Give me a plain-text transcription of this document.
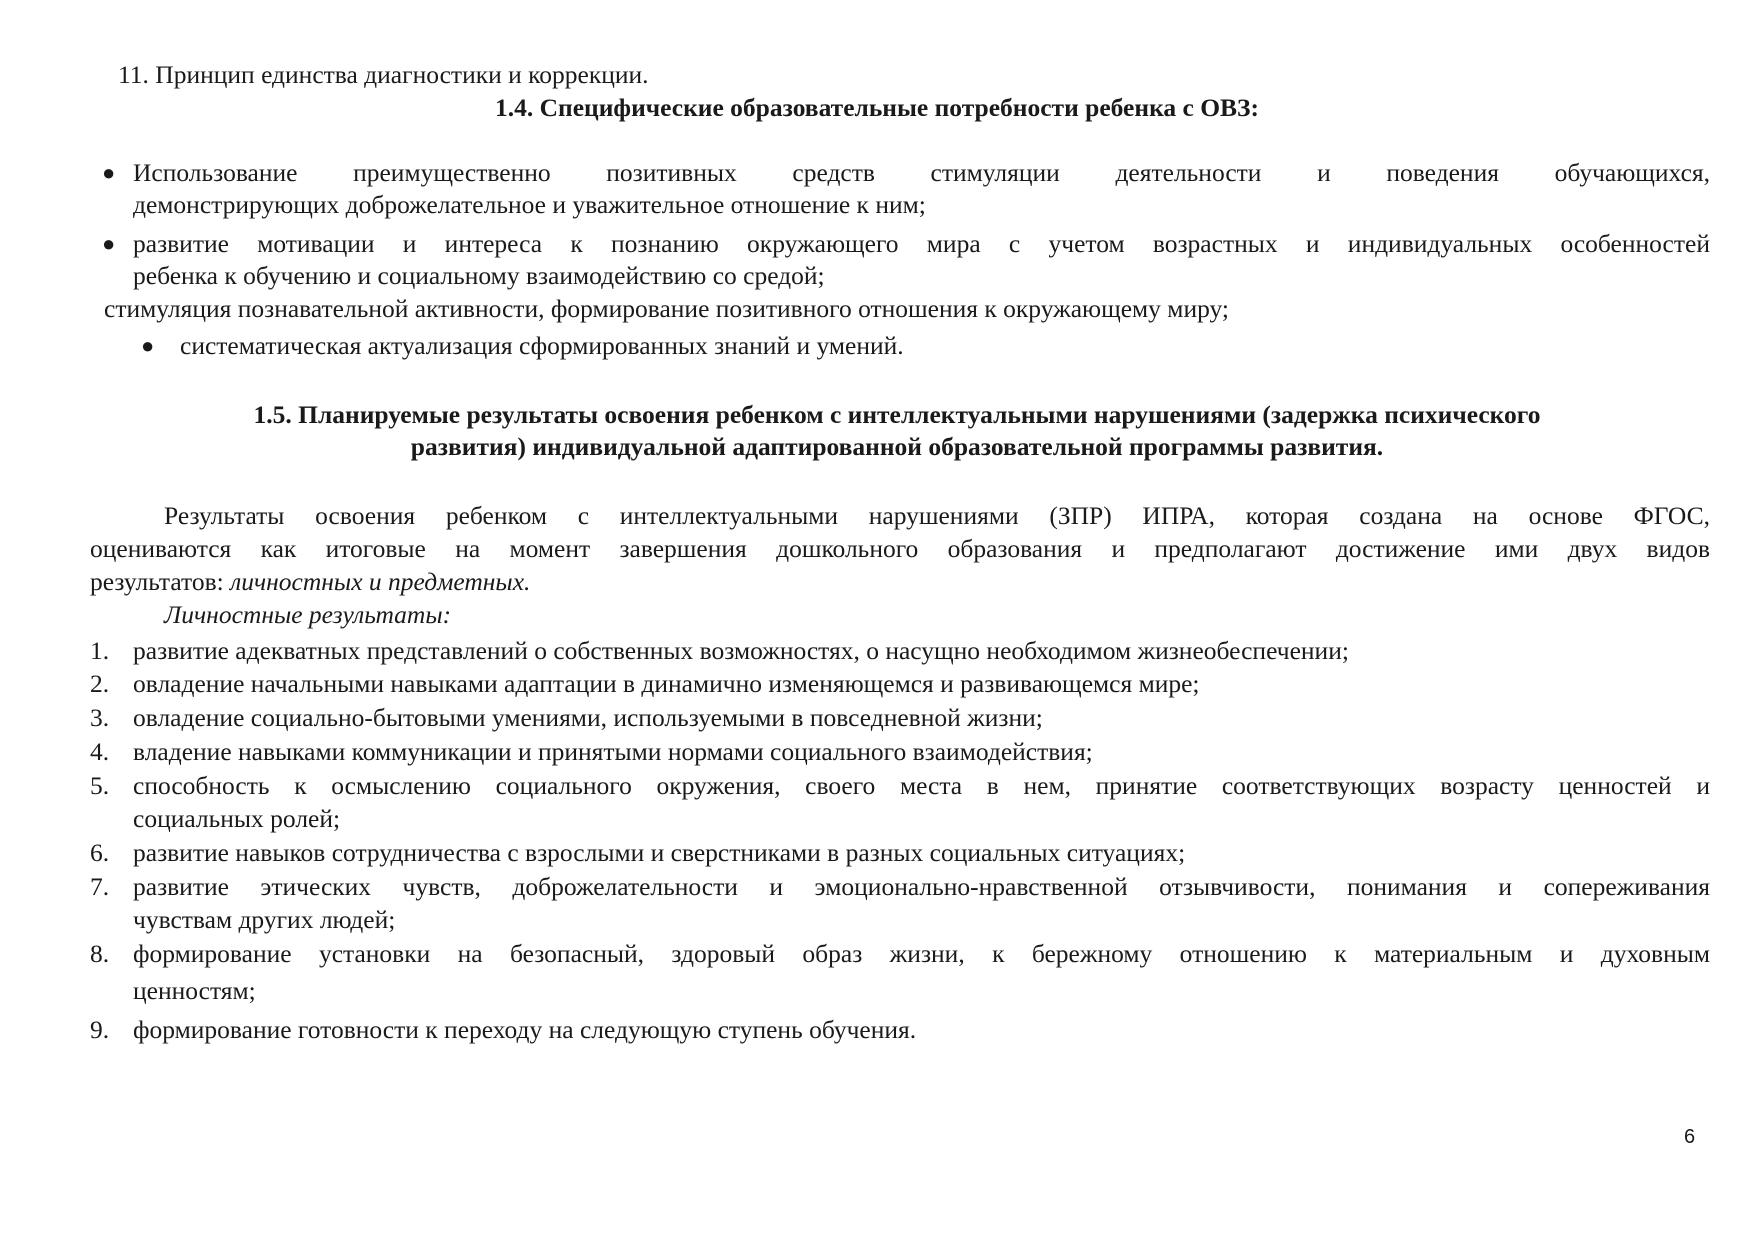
11. Принцип единства диагностики и коррекции.
1.4. Специфические образовательные потребности ребенка с ОВЗ:
● Использование преимущественно позитивных средств стимуляции деятельности и поведения обучающихся,
демонстрирующих доброжелательное и уважительное отношение к ним;
● развитие мотивации и интереса к познанию окружающего мира с учетом возрастных и индивидуальных особенностей
ребенка к обучению и социальному взаимодействию со средой;
стимуляция познавательной активности, формирование позитивного отношения к окружающему миру;
● систематическая актуализация сформированных знаний и умений.
1.5. Планируемые результаты освоения ребенком с интеллектуальными нарушениями (задержка психического
развития) индивидуальной адаптированной образовательной программы развития.
Результаты освоения ребенком с интеллектуальными нарушениями (ЗПР) ИПРА, которая создана на основе ФГОС,
оцениваются как итоговые на момент завершения дошкольного образования и предполагают достижение ими двух видов
результатов: личностных и предметных.
Личностные результаты:
1. развитие адекватных представлений о собственных возможностях, о насущно необходимом жизнеобеспечении;
2. овладение начальными навыками адаптации в динамично изменяющемся и развивающемся мире;
3. овладение социально-бытовыми умениями, используемыми в повседневной жизни;
4. владение навыками коммуникации и принятыми нормами социального взаимодействия;
5. способность к осмыслению социального окружения, своего места в нем, принятие соответствующих возрасту ценностей и
социальных ролей;
6. развитие навыков сотрудничества с взрослыми и сверстниками в разных социальных ситуациях;
7. развитие этических чувств, доброжелательности и эмоционально-нравственной отзывчивости, понимания и сопереживания
чувствам других людей;
8. формирование установки на безопасный, здоровый образ жизни, к бережному отношению к материальным и духовным
ценностям;
9. формирование готовности к переходу на следующую ступень обучения.
6
